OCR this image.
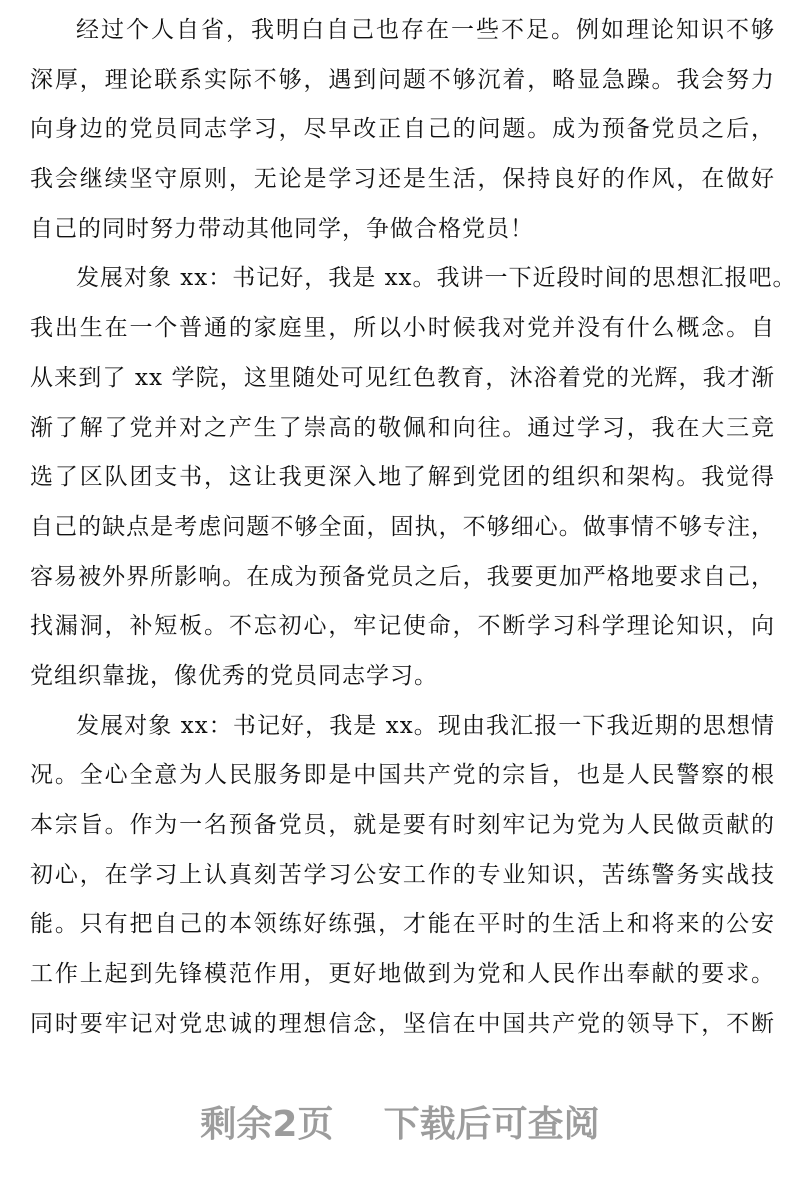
经过个人自省，我明白自己也存在一些不足。例如理论知识不够
深厚，理论联系实际不够，遇到问题不够沉着，略显急躁。我会努力
向身边的党员同志学习，尽早改正自己的问题。成为预备党员之后，
我会继续坚守原则，无论是学习还是生活，保持良好的作风，在做好
自己的同时努力带动其他同学，争做合格党员！
发展对象 xx：书记好，我是 xx。我讲一下近段时间的思想汇报吧。
我出生在一个普通的家庭里，所以小时候我对党并没有什么概念。自
从来到了 xx 学院，这里随处可见红色教育，沐浴着党的光辉，我才渐
渐了解了党并对之产生了崇高的敬佩和向往。通过学习，我在大三竞
选了区队团支书，这让我更深入地了解到党团的组织和架构。我觉得
自己的缺点是考虑问题不够全面，固执，不够细心。做事情不够专注，
容易被外界所影响。在成为预备党员之后，我要更加严格地要求自己，
找漏洞，补短板。不忘初心，牢记使命，不断学习科学理论知识，向
党组织靠拢，像优秀的党员同志学习。
发展对象 xx：书记好，我是 xx。现由我汇报一下我近期的思想情
况。全心全意为人民服务即是中国共产党的宗旨，也是人民警察的根
本宗旨。作为一名预备党员，就是要有时刻牢记为党为人民做贡献的
初心，在学习上认真刻苦学习公安工作的专业知识，苦练警务实战技
能。只有把自己的本领练好练强，才能在平时的生活上和将来的公安
工作上起到先锋模范作用，更好地做到为党和人民作出奉献的要求。
同时要牢记对党忠诚的理想信念，坚信在中国共产党的领导下，不断
剩余2页    下载后可查阅
